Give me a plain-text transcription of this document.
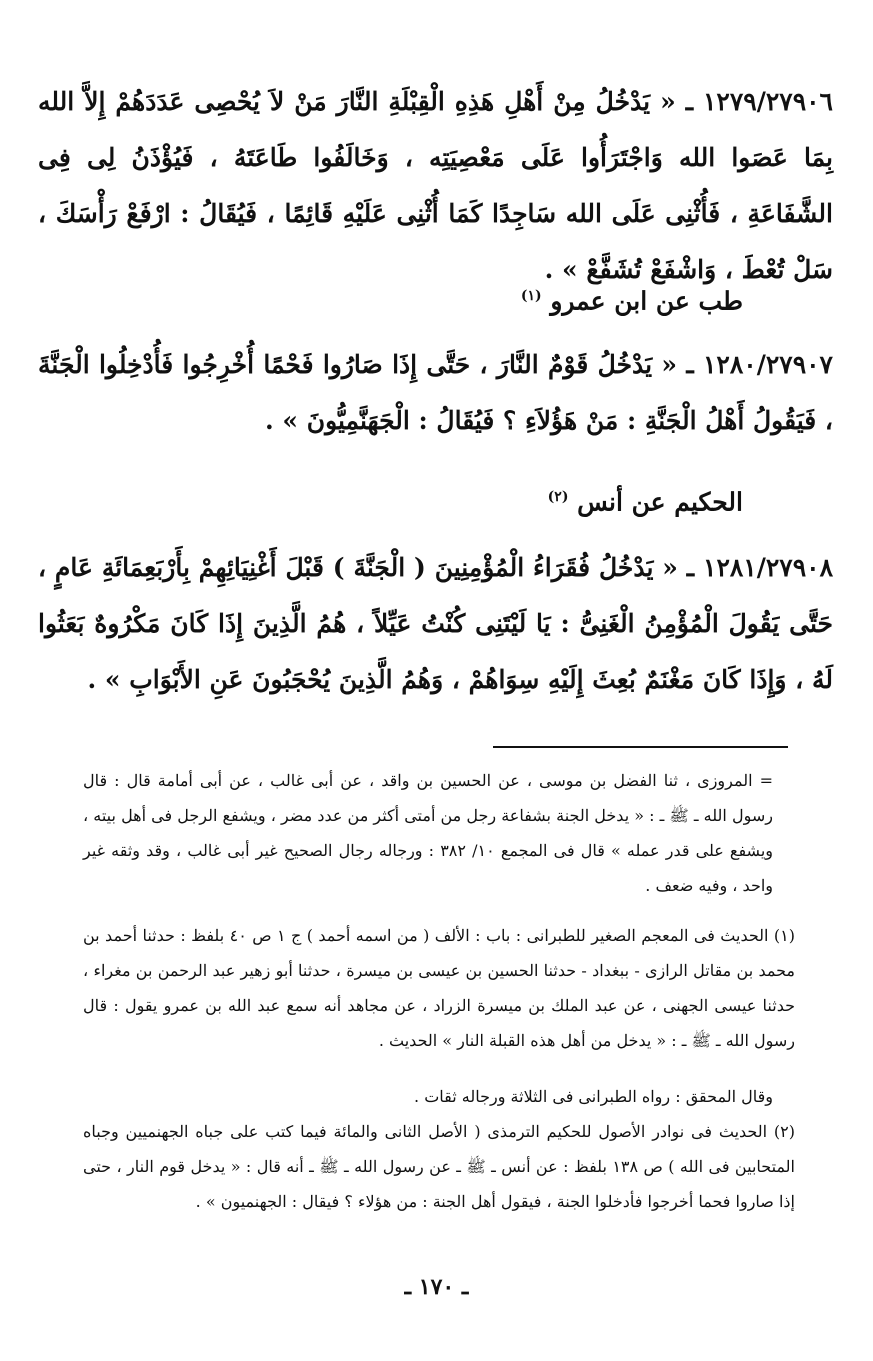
١٢٧٩/٢٧٩٠٦ ـ « يَدْخُلُ مِنْ أَهْلِ هَذِهِ الْقِبْلَةِ النَّارَ مَنْ لاَ يُحْصِى عَدَدَهُمْ إِلاَّ الله بِمَا عَصَوا الله وَاجْتَرَأُوا عَلَى مَعْصِيَتِه ، وَخَالَفُوا طَاعَتَهُ ، فَيُؤْذَنُ لِى فِى الشَّفَاعَةِ ، فَأُثْنِى عَلَى الله سَاجِدًا كَمَا أُثْنِى عَلَيْهِ قَائِمًا ، فَيُقَالُ : ارْفَعْ رَأْسَكَ ، سَلْ تُعْطَ ، وَاشْفَعْ تُشَفَّعْ » .

طب عن ابن عمرو $^{(١)}$

١٢٨٠/٢٧٩٠٧ ـ « يَدْخُلُ قَوْمٌ النَّارَ ، حَتَّى إِذَا صَارُوا فَحْمًا أُخْرِجُوا فَأُدْخِلُوا الْجَنَّةَ ، فَيَقُولُ أَهْلُ الْجَنَّةِ : مَنْ هَؤُلاَءِ ؟ فَيُقَالُ : الْجَهَنَّمِيُّونَ » .

الحكيم عن أنس $^{(٢)}$

١٢٨١/٢٧٩٠٨ ـ « يَدْخُلُ فُقَرَاءُ الْمُؤْمِنِينَ ( الْجَنَّةَ ) قَبْلَ أَغْنِيَائِهِمْ بِأَرْبَعِمَائَةِ عَامٍ ، حَتَّى يَقُولَ الْمُؤْمِنُ الْغَنِىُّ : يَا لَيْتَنِى كُنْتُ عَيِّلاً ، هُمُ الَّذِينَ إِذَا كَانَ مَكْرُوهٌ بَعَثُوا لَهُ ، وَإِذَا كَانَ مَغْنَمٌ بُعِثَ إِلَيْهِ سِوَاهُمْ ، وَهُمُ الَّذِينَ يُحْجَبُونَ عَنِ الأَبْوَابِ » .

= المروزى ، ثنا الفضل بن موسى ، عن الحسين بن واقد ، عن أبى غالب ، عن أبى أمامة قال : قال رسول الله ـ ﷺ ـ : « يدخل الجنة بشفاعة رجل من أمتى أكثر من عدد مضر ، ويشفع الرجل فى أهل بيته ، ويشفع على قدر عمله » قال فى المجمع ١٠/ ٣٨٢ : ورجاله رجال الصحيح غير أبى غالب ، وقد وثقه غير واحد ، وفيه ضعف .

(١) الحديث فى المعجم الصغير للطبرانى : باب : الألف ( من اسمه أحمد ) ج ١ ص ٤٠ بلفظ : حدثنا أحمد بن محمد بن مقاتل الرازى - ببغداد - حدثنا الحسين بن عيسى بن ميسرة ، حدثنا أبو زهير عبد الرحمن بن مغراء ، حدثنا عيسى الجهنى ، عن عبد الملك بن ميسرة الزراد ، عن مجاهد أنه سمع عبد الله بن عمرو يقول : قال رسول الله ـ ﷺ ـ : « يدخل من أهل هذه القبلة النار » الحديث .

وقال المحقق : رواه الطبرانى فى الثلاثة ورجاله ثقات .

(٢) الحديث فى نوادر الأصول للحكيم الترمذى ( الأصل الثانى والمائة فيما كتب على جباه الجهنميين وجباه المتحابين فى الله ) ص ١٣٨ بلفظ : عن أنس ـ ﷺ ـ عن رسول الله ـ ﷺ ـ أنه قال : « يدخل قوم النار ، حتى إذا صاروا فحما أخرجوا فأدخلوا الجنة ، فيقول أهل الجنة : من هؤلاء ؟ فيقال : الجهنميون » .

ـ ١٧٠ ـ
